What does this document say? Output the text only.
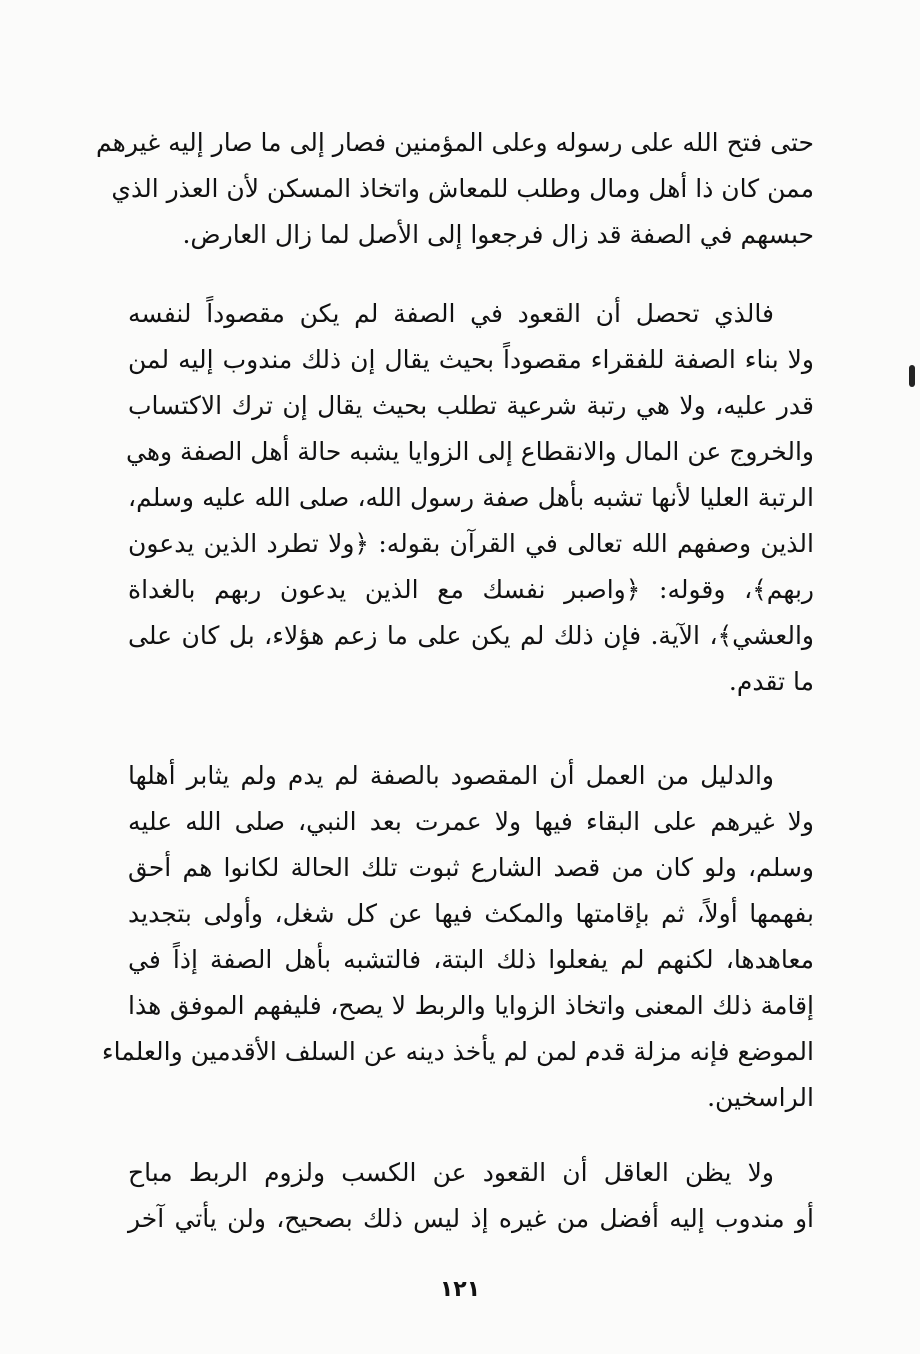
حتى فتح الله على رسوله وعلى المؤمنين فصار إلى ما صار إليه غيرهم
ممن كان ذا أهل ومال وطلب للمعاش واتخاذ المسكن لأن العذر الذي
حبسهم في الصفة قد زال فرجعوا إلى الأصل لما زال العارض.
فالذي تحصل أن القعود في الصفة لم يكن مقصوداً لنفسه
ولا بناء الصفة للفقراء مقصوداً بحيث يقال إن ذلك مندوب إليه لمن
قدر عليه، ولا هي رتبة شرعية تطلب بحيث يقال إن ترك الاكتساب
والخروج عن المال والانقطاع إلى الزوايا يشبه حالة أهل الصفة وهي
الرتبة العليا لأنها تشبه بأهل صفة رسول الله، صلى الله عليه وسلم،
الذين وصفهم الله تعالى في القرآن بقوله: ﴿ولا تطرد الذين يدعون
ربهم﴾، وقوله: ﴿واصبر نفسك مع الذين يدعون ربهم بالغداة
والعشي﴾، الآية. فإن ذلك لم يكن على ما زعم هؤلاء، بل كان على
ما تقدم.
والدليل من العمل أن المقصود بالصفة لم يدم ولم يثابر أهلها
ولا غيرهم على البقاء فيها ولا عمرت بعد النبي، صلى الله عليه
وسلم، ولو كان من قصد الشارع ثبوت تلك الحالة لكانوا هم أحق
بفهمها أولاً، ثم بإقامتها والمكث فيها عن كل شغل، وأولى بتجديد
معاهدها، لكنهم لم يفعلوا ذلك البتة، فالتشبه بأهل الصفة إذاً في
إقامة ذلك المعنى واتخاذ الزوايا والربط لا يصح، فليفهم الموفق هذا
الموضع فإنه مزلة قدم لمن لم يأخذ دينه عن السلف الأقدمين والعلماء
الراسخين.
ولا يظن العاقل أن القعود عن الكسب ولزوم الربط مباح
أو مندوب إليه أفضل من غيره إذ ليس ذلك بصحيح، ولن يأتي آخر
١٢١
